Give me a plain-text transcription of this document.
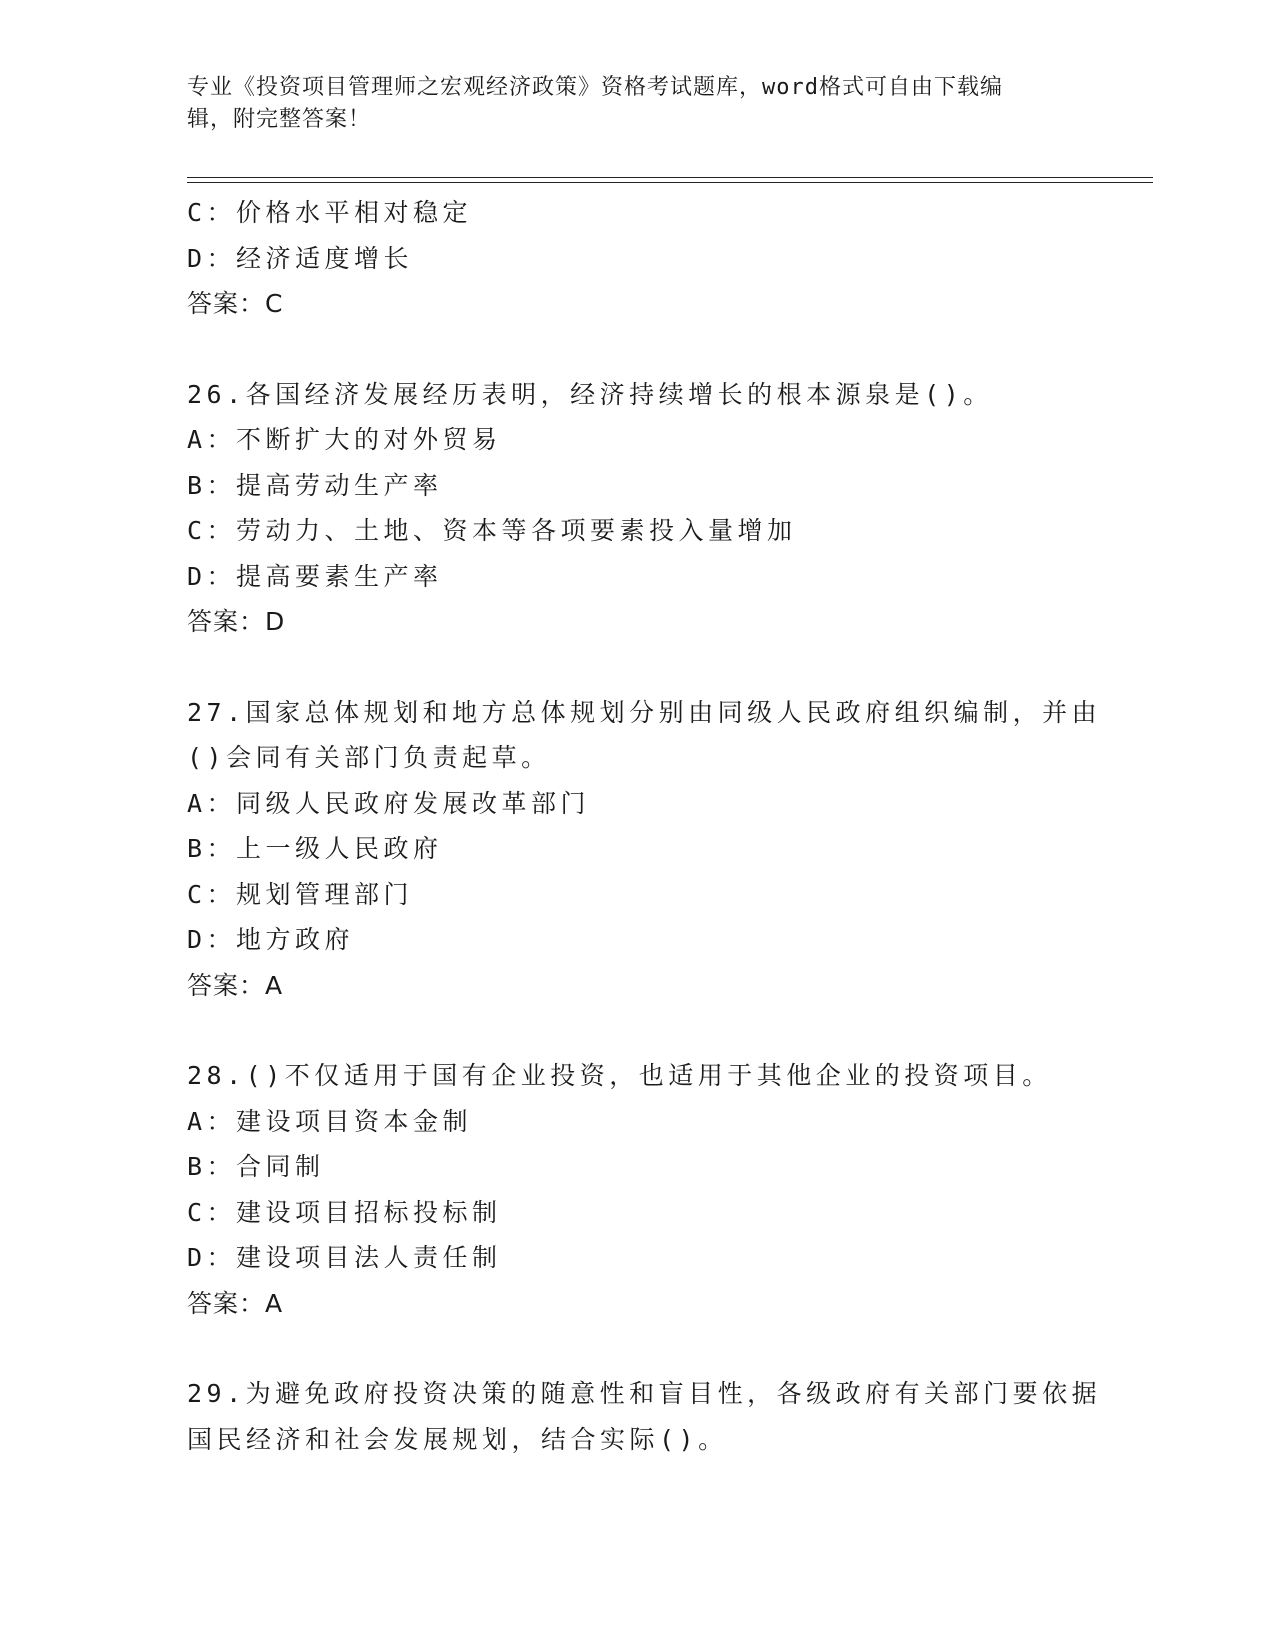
专业《投资项目管理师之宏观经济政策》资格考试题库，word格式可自由下载编
辑，附完整答案！
C：价格水平相对稳定
D：经济适度增长
答案：C
26.各国经济发展经历表明，经济持续增长的根本源泉是()。
A：不断扩大的对外贸易
B：提高劳动生产率
C：劳动力、土地、资本等各项要素投入量增加
D：提高要素生产率
答案：D
27.国家总体规划和地方总体规划分别由同级人民政府组织编制，并由
()会同有关部门负责起草。
A：同级人民政府发展改革部门
B：上一级人民政府
C：规划管理部门
D：地方政府
答案：A
28.()不仅适用于国有企业投资，也适用于其他企业的投资项目。
A：建设项目资本金制
B：合同制
C：建设项目招标投标制
D：建设项目法人责任制
答案：A
29.为避免政府投资决策的随意性和盲目性，各级政府有关部门要依据
国民经济和社会发展规划，结合实际()。
